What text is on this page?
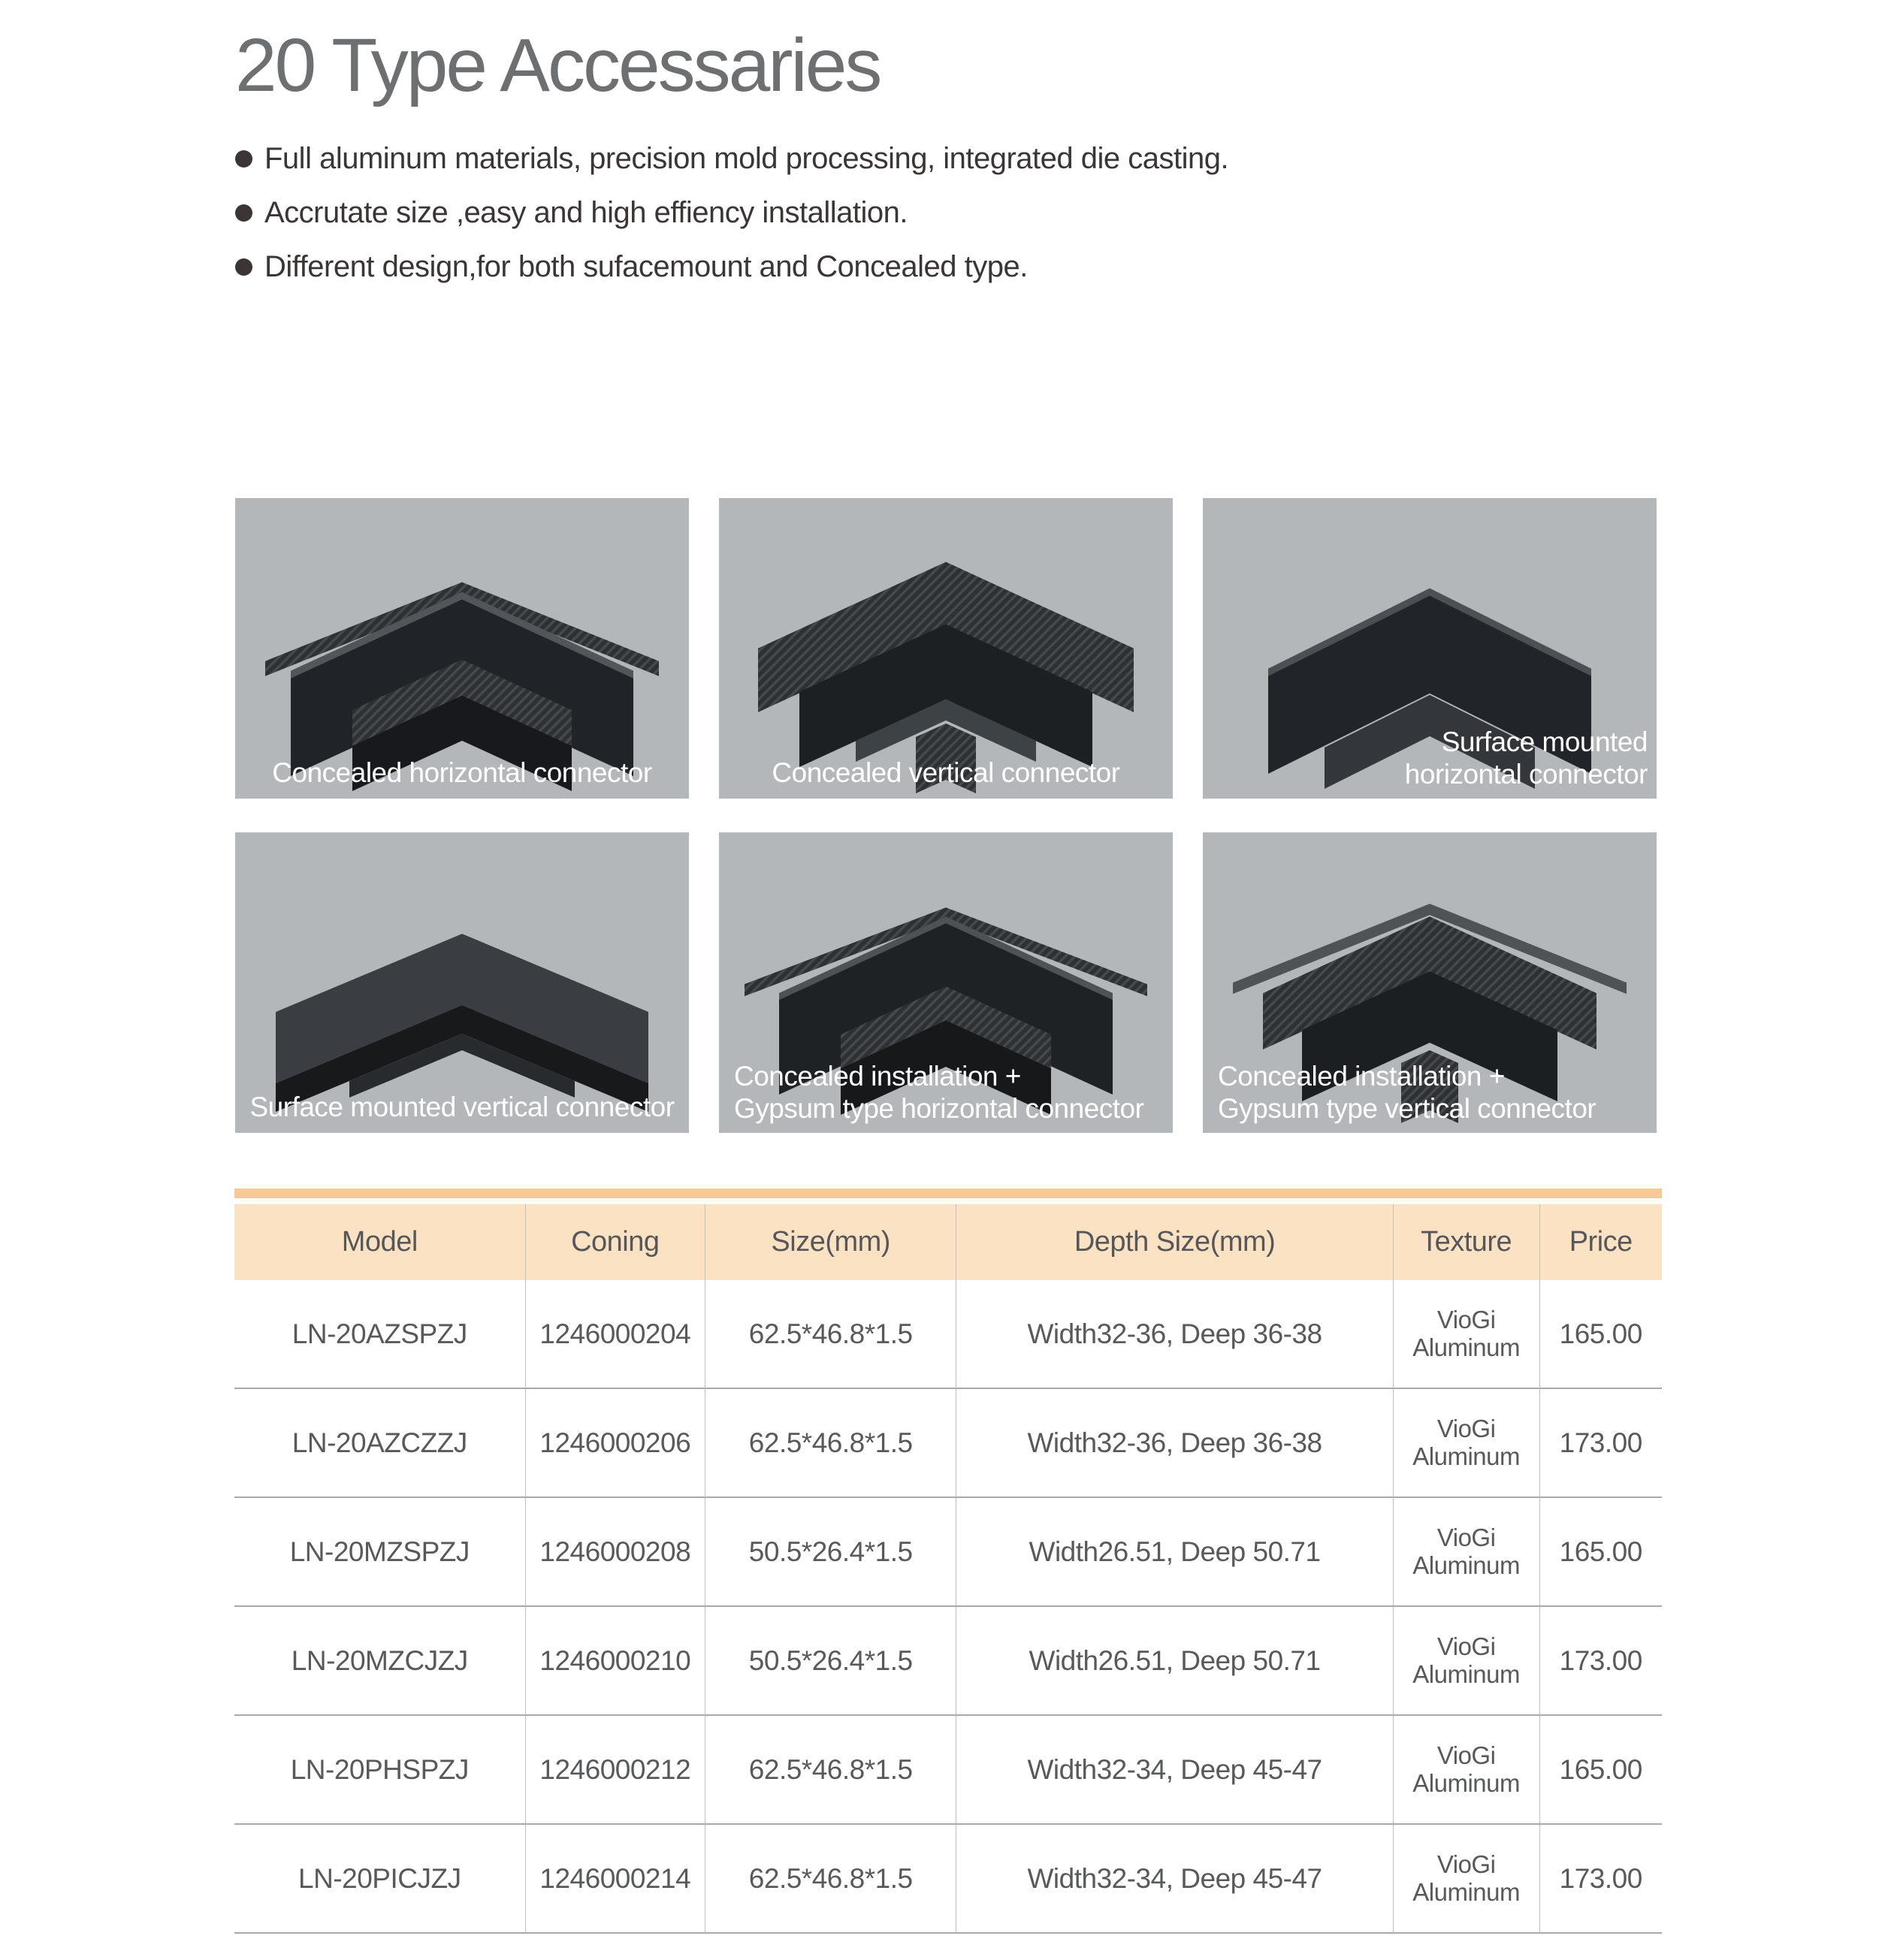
20 Type Accessaries
Full aluminum materials, precision mold processing, integrated die casting.
Accrutate size ,easy and high effiency installation.
Different design,for both sufacemount and Concealed type.
Concealed horizontal connector	Concealed vertical connector
Surface mounted
horizontal connector
Surface mounted vertical connector
Concealed installation +
Gypsum type horizontal connector
Concealed installation +
Gypsum type vertical connector
Model	Coning	Size(mm)	Depth Size(mm)	Texture	Price
LN-20AZSPZJ	1246000204	62.5*46.8*1.5	Width32-36, Deep 36-38	VioGi Aluminum	165.00
LN-20AZCZZJ	1246000206	62.5*46.8*1.5	Width32-36, Deep 36-38	VioGi Aluminum	173.00
LN-20MZSPZJ	1246000208	50.5*26.4*1.5	Width26.51, Deep 50.71	VioGi Aluminum	165.00
LN-20MZCJZJ	1246000210	50.5*26.4*1.5	Width26.51, Deep 50.71	VioGi Aluminum	173.00
LN-20PHSPZJ	1246000212	62.5*46.8*1.5	Width32-34, Deep 45-47	VioGi Aluminum	165.00
LN-20PICJZJ	1246000214	62.5*46.8*1.5	Width32-34, Deep 45-47	VioGi Aluminum	173.00
